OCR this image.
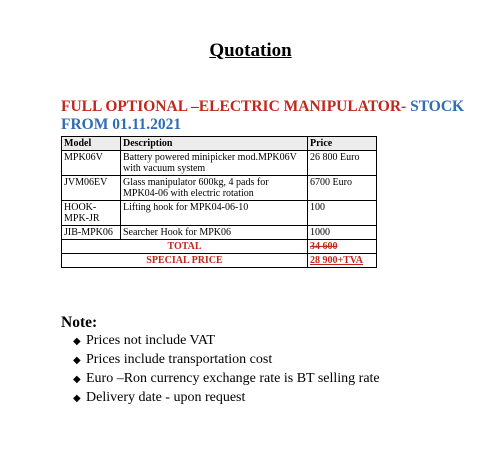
Quotation
FULL OPTIONAL –ELECTRIC MANIPULATOR- STOCK FROM 01.11.2021
Model	Description	Price
MPK06V	Battery powered minipicker mod.MPK06V with vacuum system	26 800 Euro
JVM06EV	Glass manipulator 600kg, 4 pads for MPK04-06 with electric rotation	6700 Euro
HOOK-MPK-JR	Lifting hook for MPK04-06-10	100
JIB-MPK06	Searcher Hook for MPK06	1000
TOTAL		34 600
SPECIAL PRICE		28 900+TVA
Note:
◆ Prices not include VAT
◆ Prices include transportation cost
◆ Euro –Ron currency exchange rate is BT selling rate
◆ Delivery date - upon request
